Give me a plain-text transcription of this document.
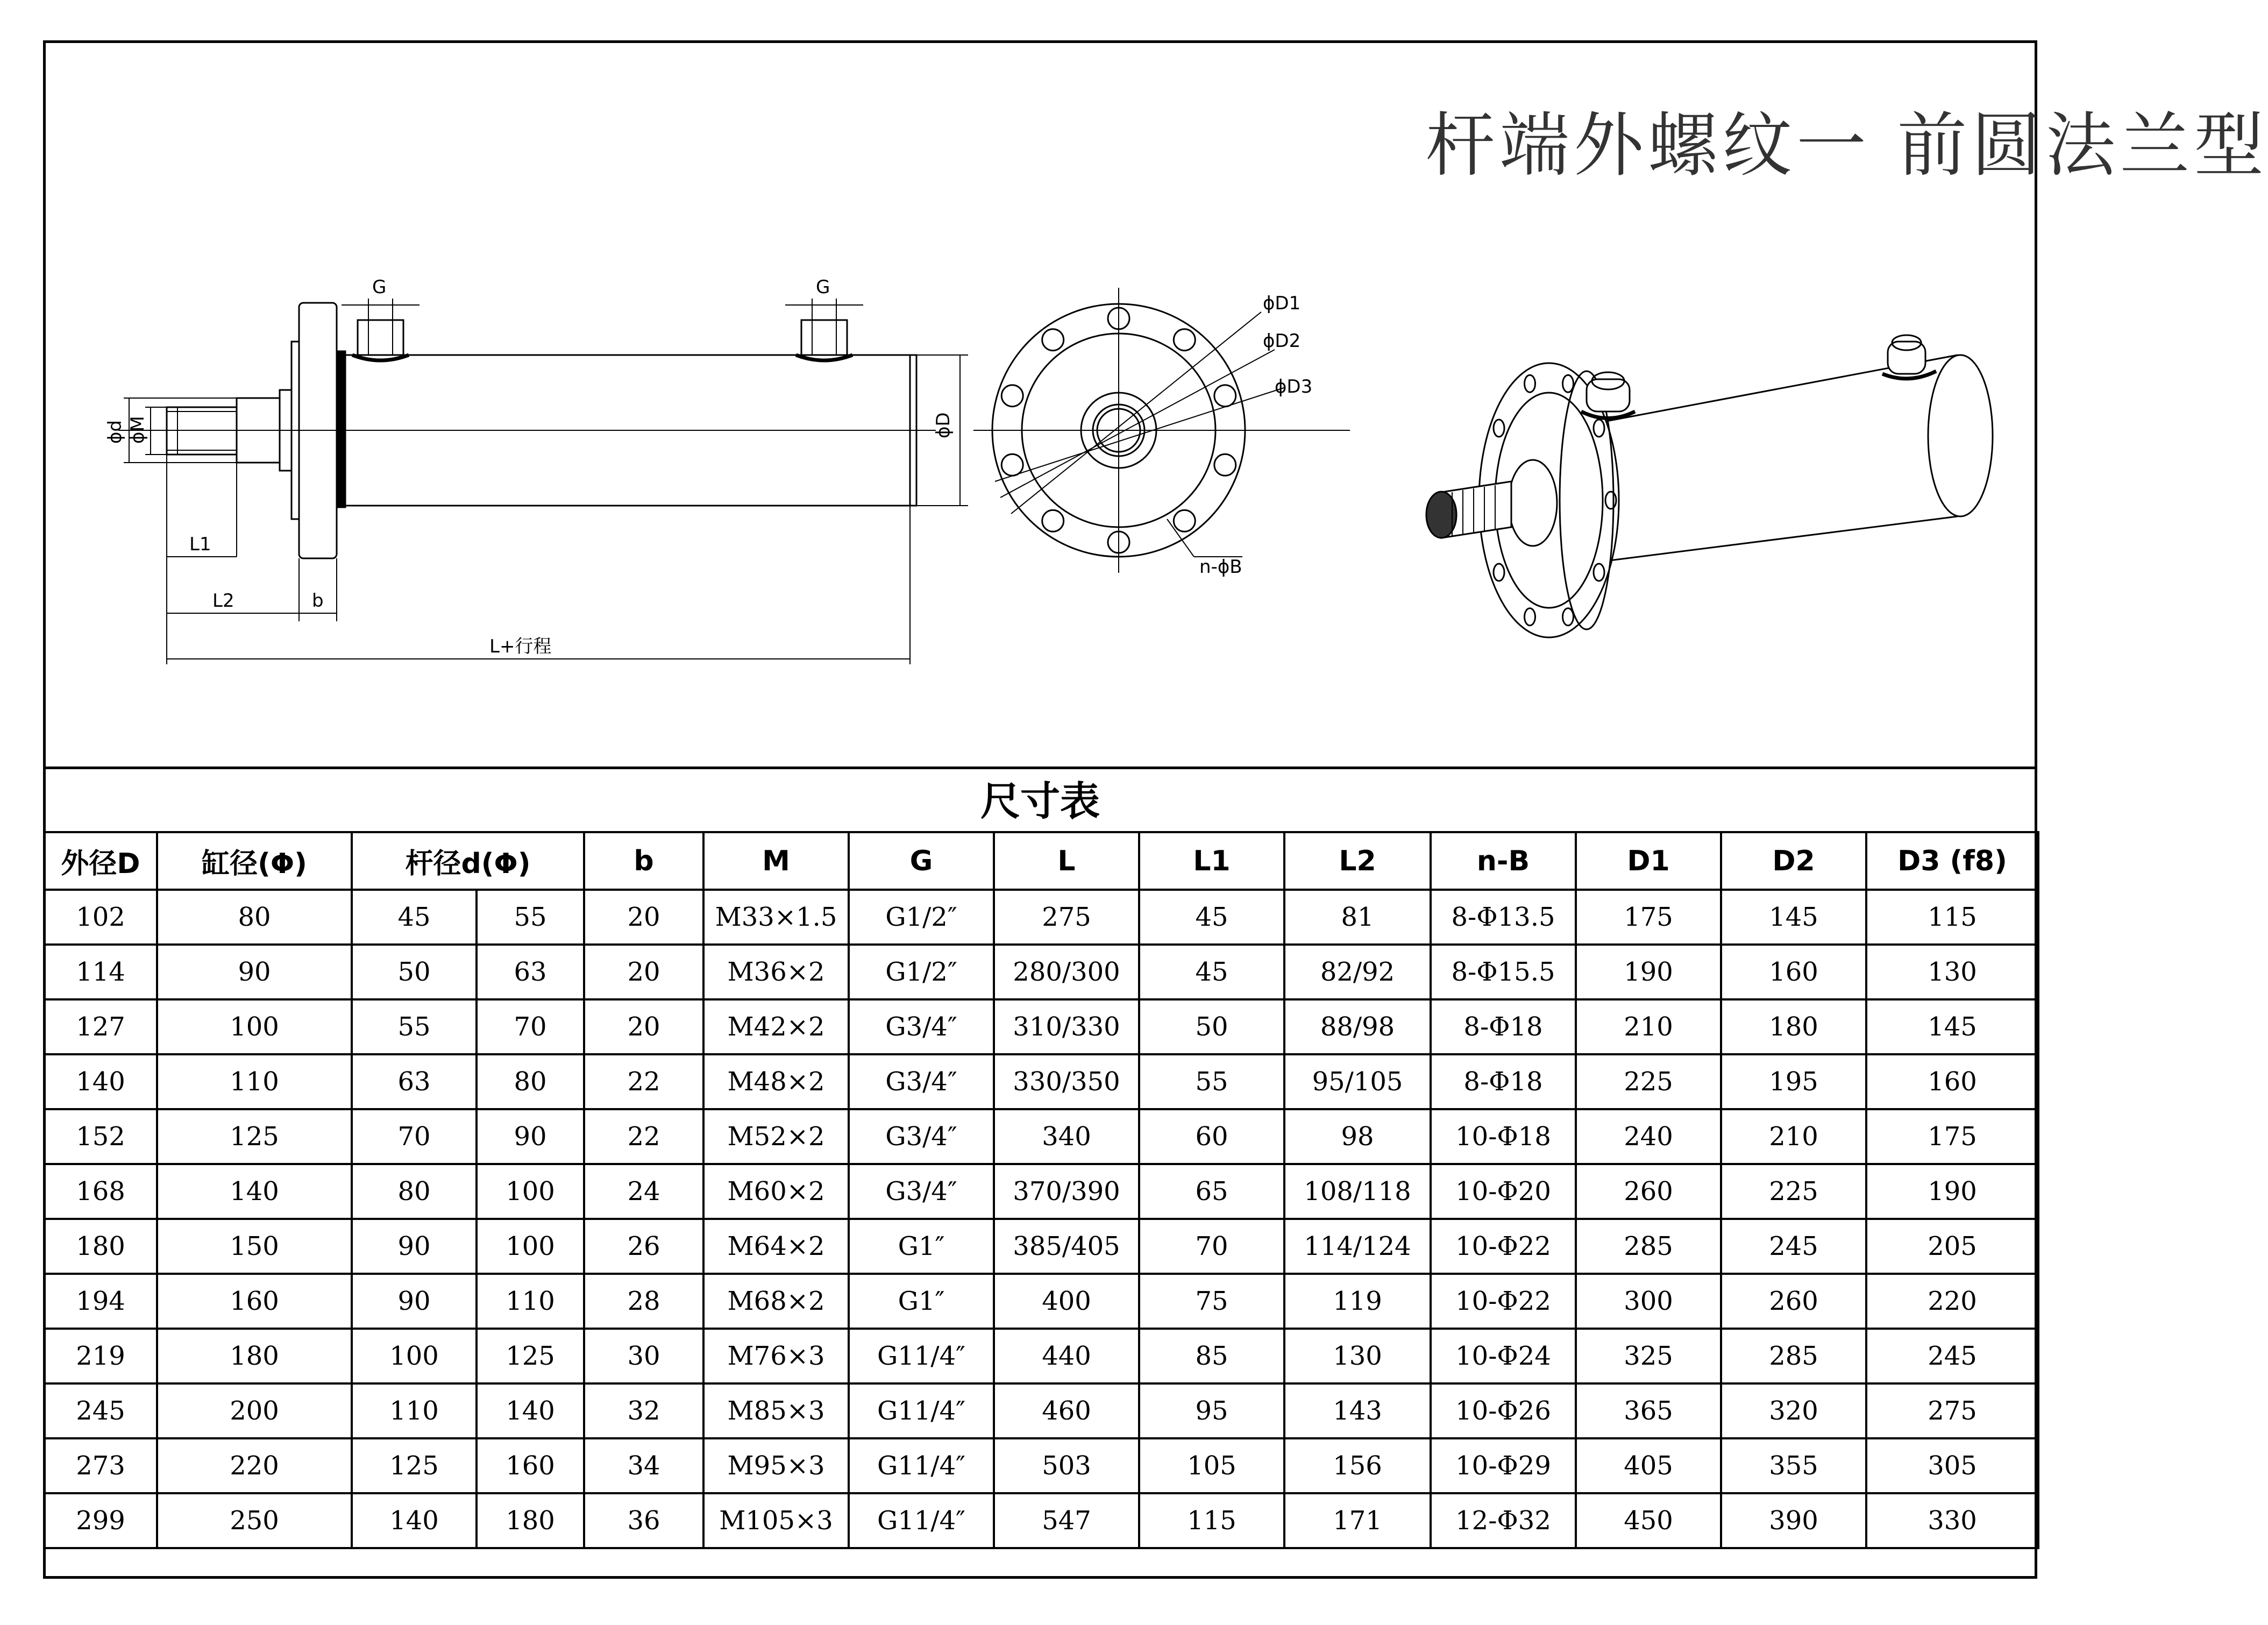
杆端外螺纹一 前圆法兰型
G	G
ϕD
ϕd ϕM
L1
L2	b
L+行程
ϕD1
ϕD2
ϕD3
n-ϕB
尺寸表
外径D	缸径(Φ)	杆径d(Φ)		b	M	G	L	L1	L2	n-B	D1	D2	D3 (f8)
102	80	45	55	20	M33×1.5	G1/2″	275	45	81	8-Φ13.5	175	145	115
114	90	50	63	20	M36×2	G1/2″	280/300	45	82/92	8-Φ15.5	190	160	130
127	100	55	70	20	M42×2	G3/4″	310/330	50	88/98	8-Φ18	210	180	145
140	110	63	80	22	M48×2	G3/4″	330/350	55	95/105	8-Φ18	225	195	160
152	125	70	90	22	M52×2	G3/4″	340	60	98	10-Φ18	240	210	175
168	140	80	100	24	M60×2	G3/4″	370/390	65	108/118	10-Φ20	260	225	190
180	150	90	100	26	M64×2	G1″	385/405	70	114/124	10-Φ22	285	245	205
194	160	90	110	28	M68×2	G1″	400	75	119	10-Φ22	300	260	220
219	180	100	125	30	M76×3	G11/4″	440	85	130	10-Φ24	325	285	245
245	200	110	140	32	M85×3	G11/4″	460	95	143	10-Φ26	365	320	275
273	220	125	160	34	M95×3	G11/4″	503	105	156	10-Φ29	405	355	305
299	250	140	180	36	M105×3	G11/4″	547	115	171	12-Φ32	450	390	330
